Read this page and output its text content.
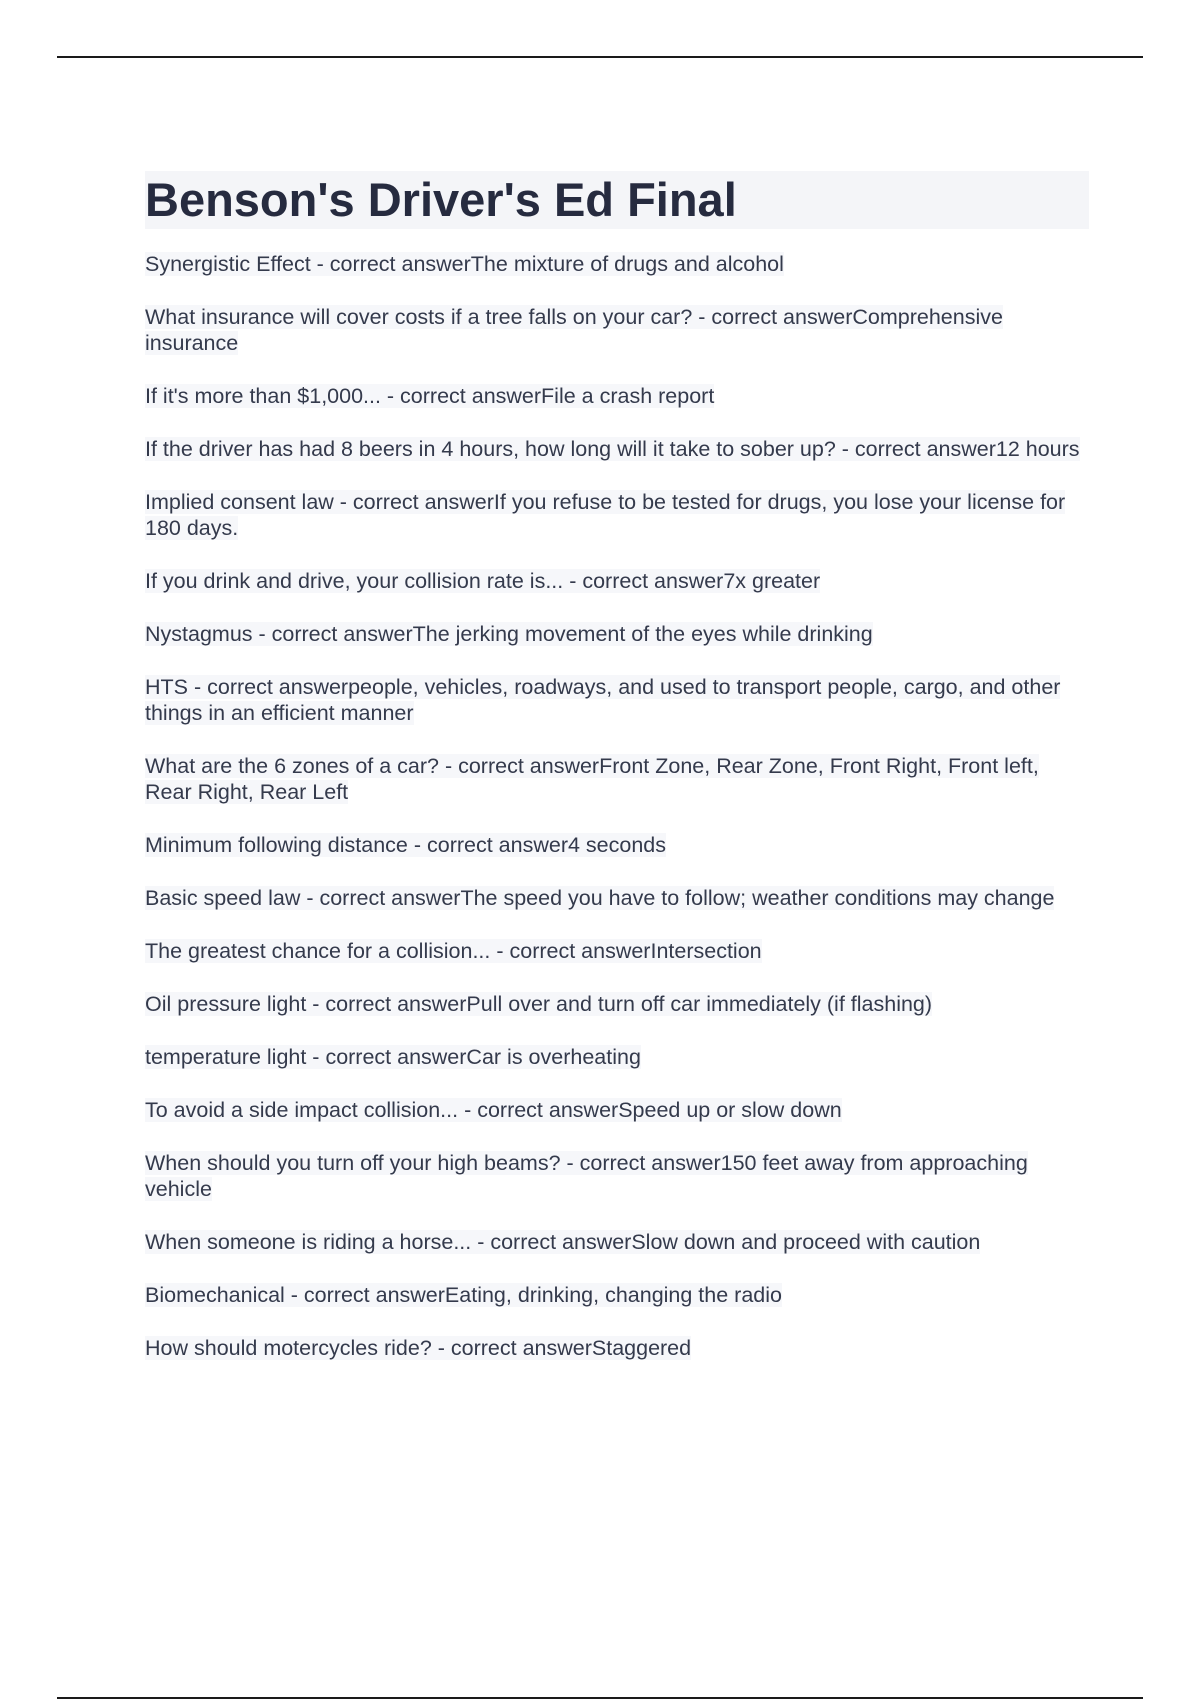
Benson's Driver's Ed Final
Synergistic Effect - correct answerThe mixture of drugs and alcohol
What insurance will cover costs if a tree falls on your car? - correct answerComprehensive insurance
If it's more than $1,000... - correct answerFile a crash report
If the driver has had 8 beers in 4 hours, how long will it take to sober up? - correct answer12 hours
Implied consent law - correct answerIf you refuse to be tested for drugs, you lose your license for 180 days.
If you drink and drive, your collision rate is... - correct answer7x greater
Nystagmus - correct answerThe jerking movement of the eyes while drinking
HTS - correct answerpeople, vehicles, roadways, and used to transport people, cargo, and other things in an efficient manner
What are the 6 zones of a car? - correct answerFront Zone, Rear Zone, Front Right, Front left, Rear Right, Rear Left
Minimum following distance - correct answer4 seconds
Basic speed law - correct answerThe speed you have to follow; weather conditions may change
The greatest chance for a collision... - correct answerIntersection
Oil pressure light - correct answerPull over and turn off car immediately (if flashing)
temperature light - correct answerCar is overheating
To avoid a side impact collision... - correct answerSpeed up or slow down
When should you turn off your high beams? - correct answer150 feet away from approaching vehicle
When someone is riding a horse... - correct answerSlow down and proceed with caution
Biomechanical - correct answerEating, drinking, changing the radio
How should motercycles ride? - correct answerStaggered
